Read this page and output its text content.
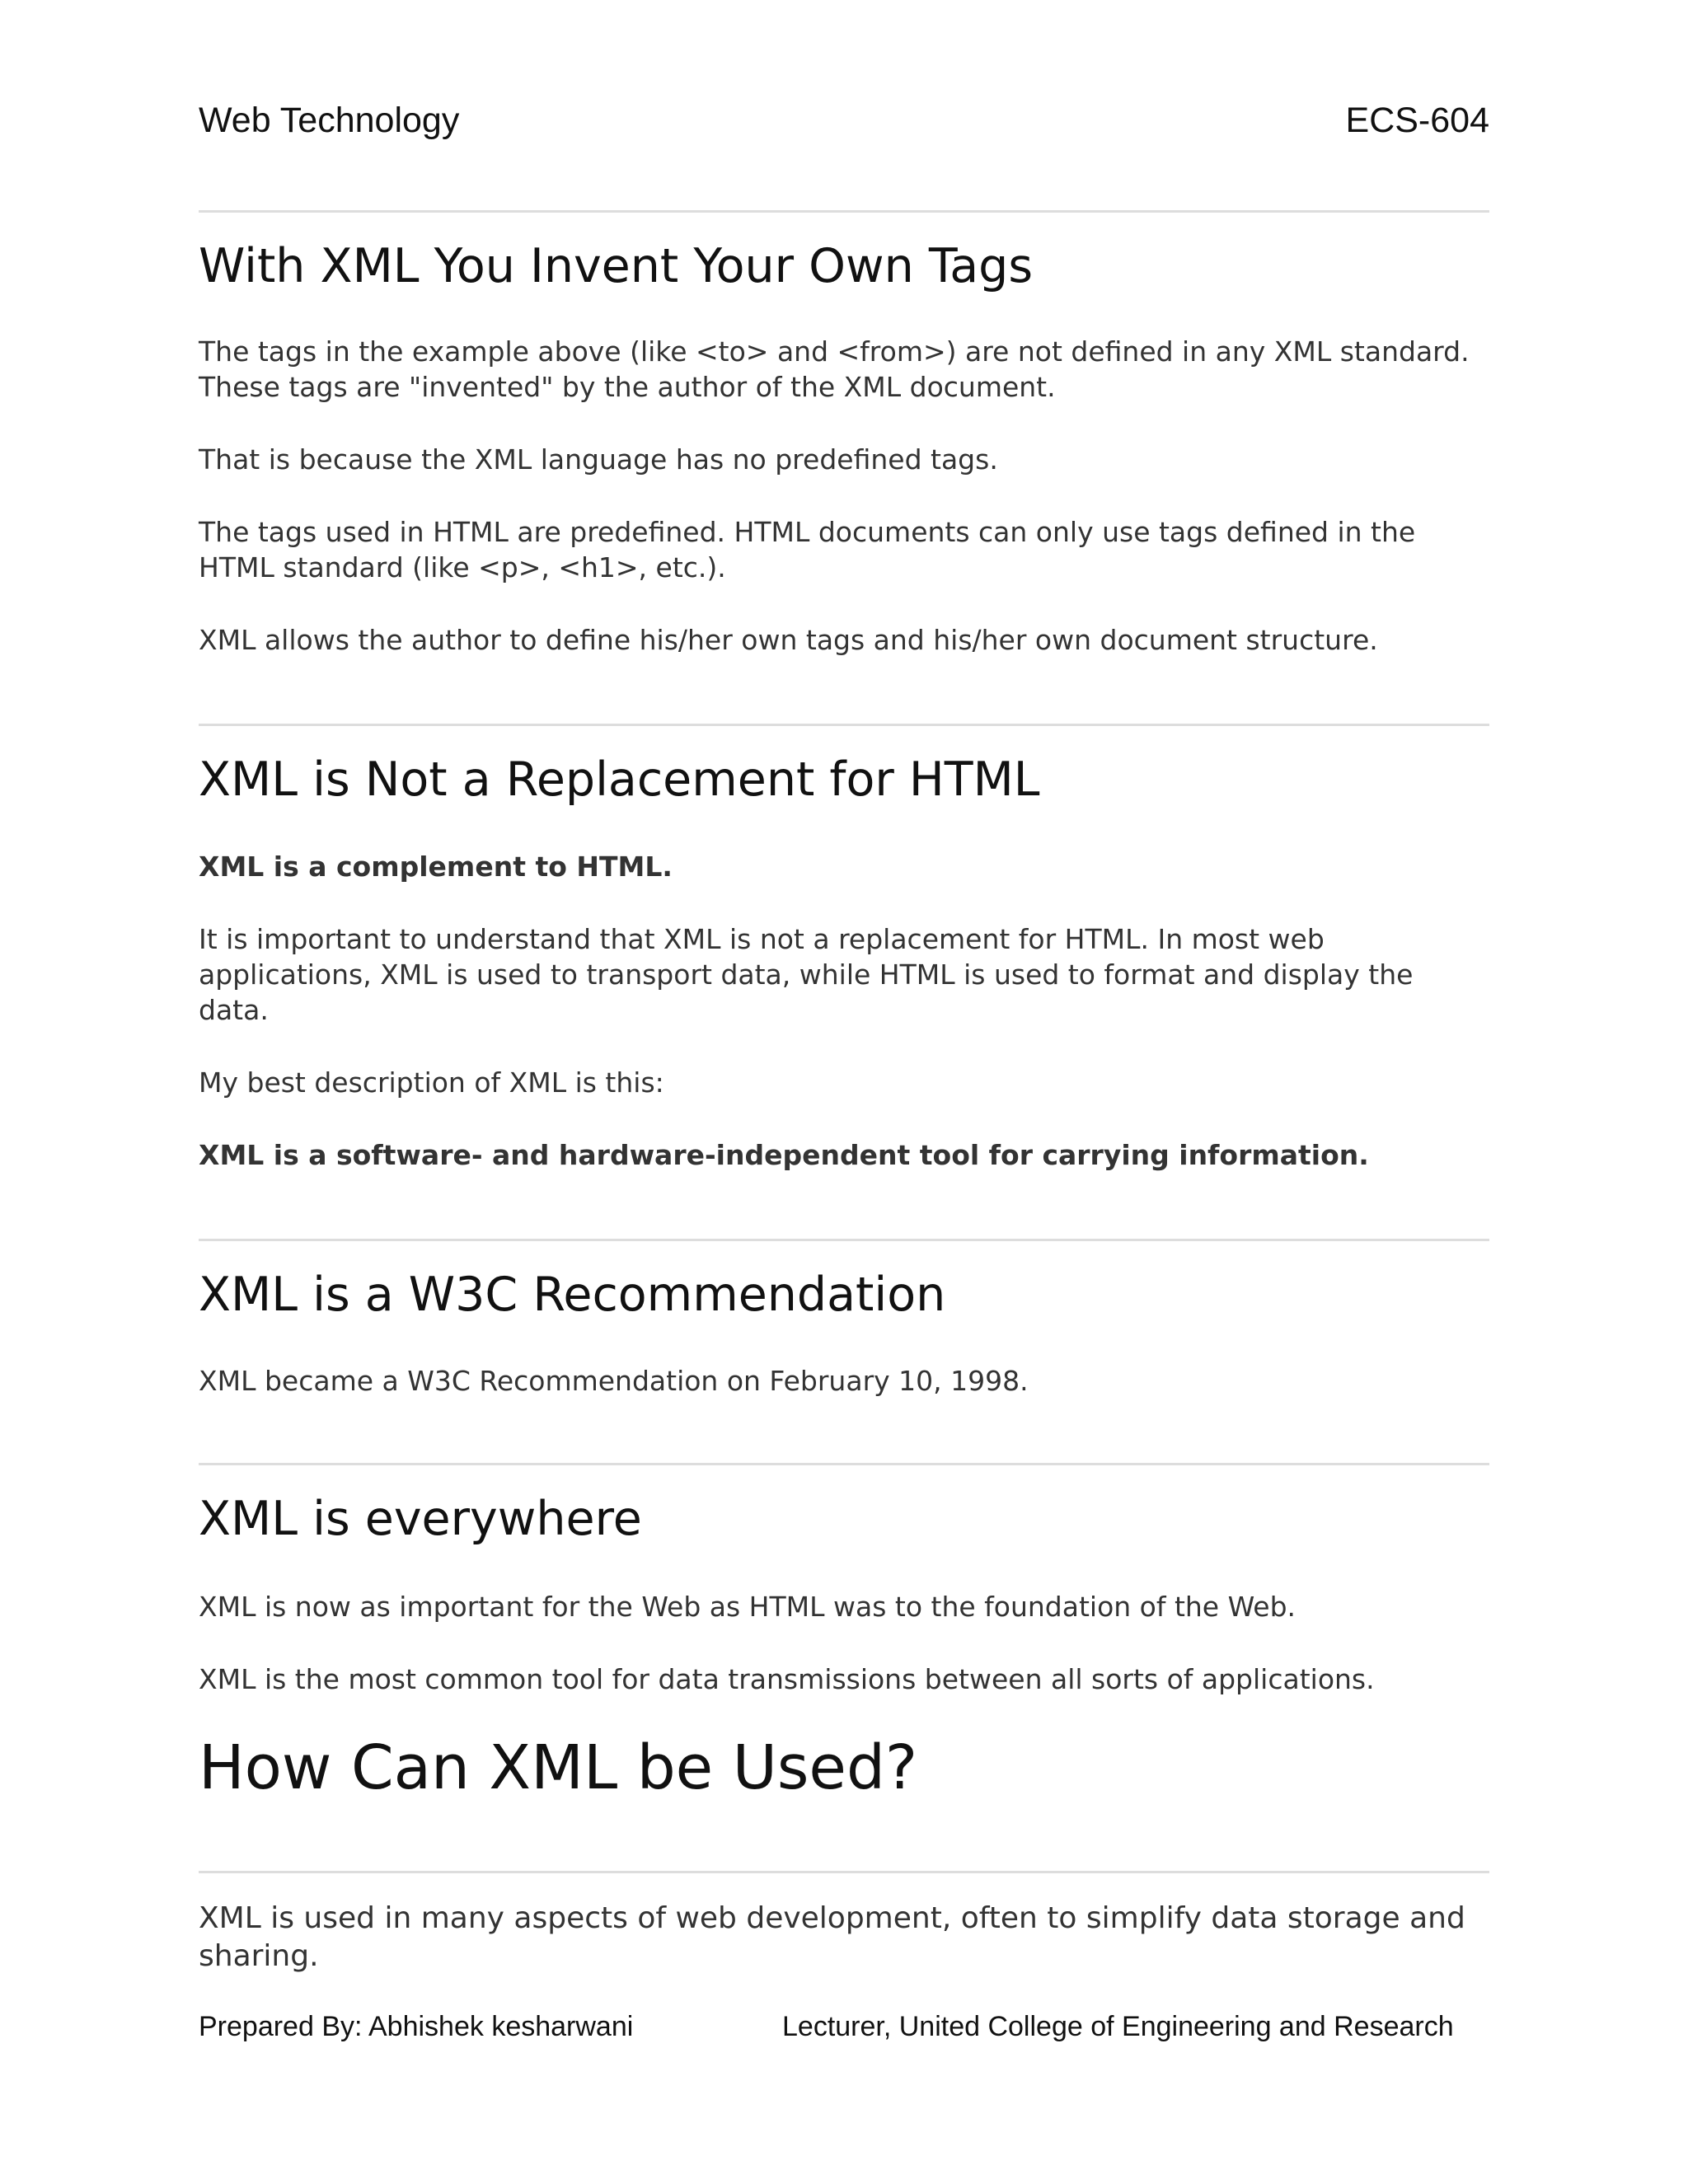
Web Technology	ECS-604
With XML You Invent Your Own Tags

The tags in the example above (like <to> and <from>) are not defined in any XML standard. These tags are "invented" by the author of the XML document.

That is because the XML language has no predefined tags.

The tags used in HTML are predefined. HTML documents can only use tags defined in the HTML standard (like <p>, <h1>, etc.).

XML allows the author to define his/her own tags and his/her own document structure.

XML is Not a Replacement for HTML

XML is a complement to HTML.

It is important to understand that XML is not a replacement for HTML. In most web applications, XML is used to transport data, while HTML is used to format and display the data.

My best description of XML is this:

XML is a software- and hardware-independent tool for carrying information.

XML is a W3C Recommendation

XML became a W3C Recommendation on February 10, 1998.

XML is everywhere

XML is now as important for the Web as HTML was to the foundation of the Web.

XML is the most common tool for data transmissions between all sorts of applications.

How Can XML be Used?

XML is used in many aspects of web development, often to simplify data storage and sharing.

Prepared By: Abhishek kesharwani	Lecturer, United College of Engineering and Research
